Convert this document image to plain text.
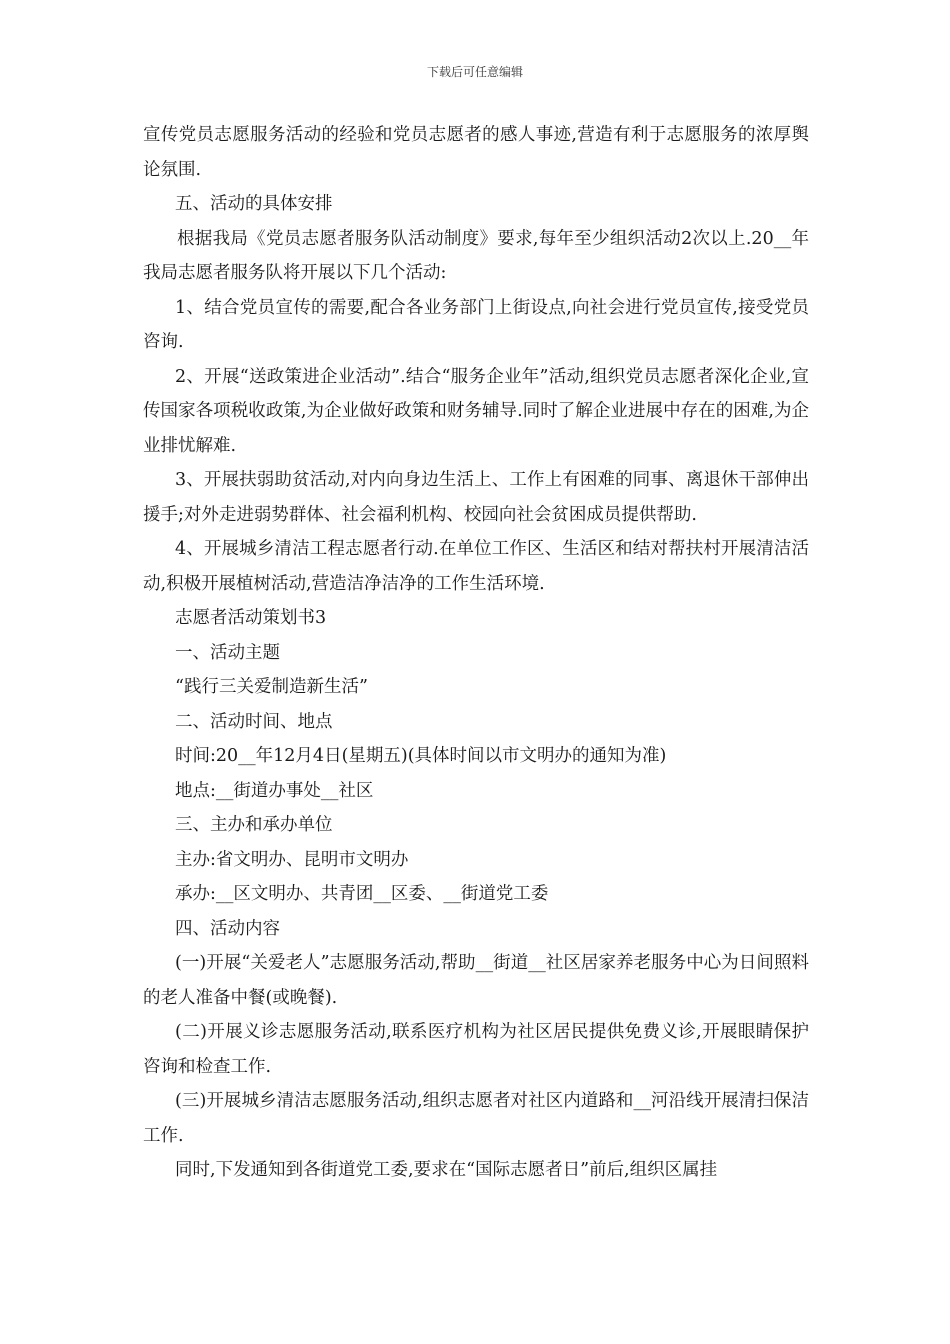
下载后可任意编辑

宣传党员志愿服务活动的经验和党员志愿者的感人事迹,营造有利于志愿服务的浓厚舆论氛围.

五、活动的具体安排

根据我局《党员志愿者服务队活动制度》要求,每年至少组织活动2次以上.20__年我局志愿者服务队将开展以下几个活动:

1、结合党员宣传的需要,配合各业务部门上街设点,向社会进行党员宣传,接受党员咨询.

2、开展“送政策进企业活动”.结合“服务企业年”活动,组织党员志愿者深化企业,宣传国家各项税收政策,为企业做好政策和财务辅导.同时了解企业进展中存在的困难,为企业排忧解难.

3、开展扶弱助贫活动,对内向身边生活上、工作上有困难的同事、离退休干部伸出援手;对外走进弱势群体、社会福利机构、校园向社会贫困成员提供帮助.

4、开展城乡清洁工程志愿者行动.在单位工作区、生活区和结对帮扶村开展清洁活动,积极开展植树活动,营造洁净洁净的工作生活环境.

志愿者活动策划书3

一、活动主题

“践行三关爱制造新生活”

二、活动时间、地点

时间:20__年12月4日(星期五)(具体时间以市文明办的通知为准)

地点:__街道办事处__社区

三、主办和承办单位

主办:省文明办、昆明市文明办

承办:__区文明办、共青团__区委、__街道党工委

四、活动内容

(一)开展“关爱老人”志愿服务活动,帮助__街道__社区居家养老服务中心为日间照料的老人准备中餐(或晚餐).

(二)开展义诊志愿服务活动,联系医疗机构为社区居民提供免费义诊,开展眼睛保护咨询和检查工作.

(三)开展城乡清洁志愿服务活动,组织志愿者对社区内道路和__河沿线开展清扫保洁工作.

同时,下发通知到各街道党工委,要求在“国际志愿者日”前后,组织区属挂
